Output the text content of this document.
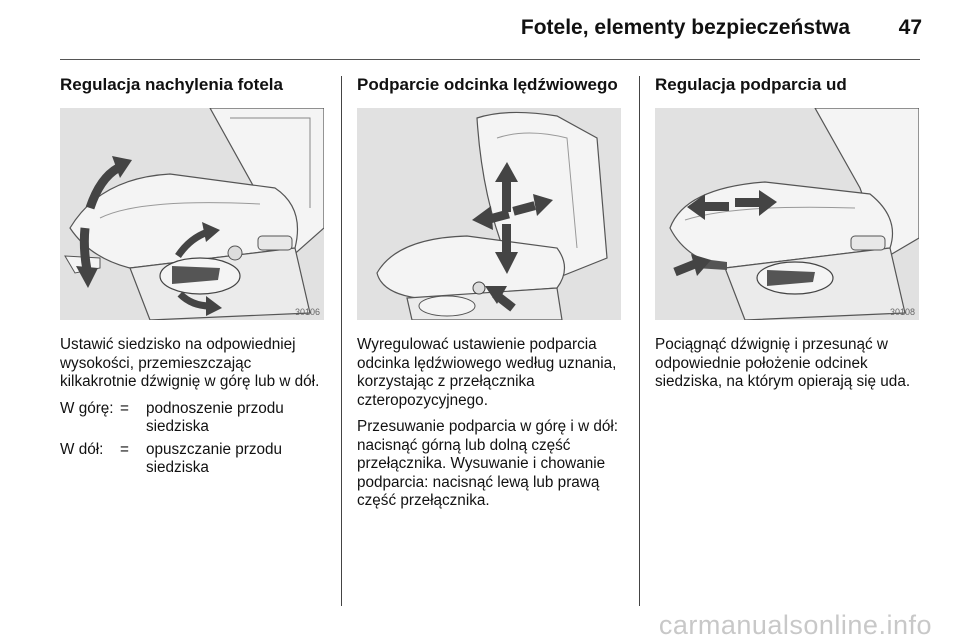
Fotele, elementy bezpieczeństwa	47
Regulacja nachylenia fotela
30106

Ustawić siedzisko na odpowiedniej wysokości, przemieszczając kilkakrotnie dźwignię w górę lub w dół.

W górę: =	podnoszenie przodu siedziska
W dół:	=	opuszczanie przodu siedziska
Podparcie odcinka lędźwiowego

Wyregulować ustawienie podparcia odcinka lędźwiowego według uznania, korzystając z przełącznika czteropozycyjnego.

Przesuwanie podparcia w górę i w dół: nacisnąć górną lub dolną część przełącznika. Wysuwanie i chowanie podparcia: nacisnąć lewą lub prawą część przełącznika.

Regulacja podparcia ud
30108

Pociągnąć dźwignię i przesunąć w odpowiednie położenie odcinek siedziska, na którym opierają się uda.

carmanualsonline.info
